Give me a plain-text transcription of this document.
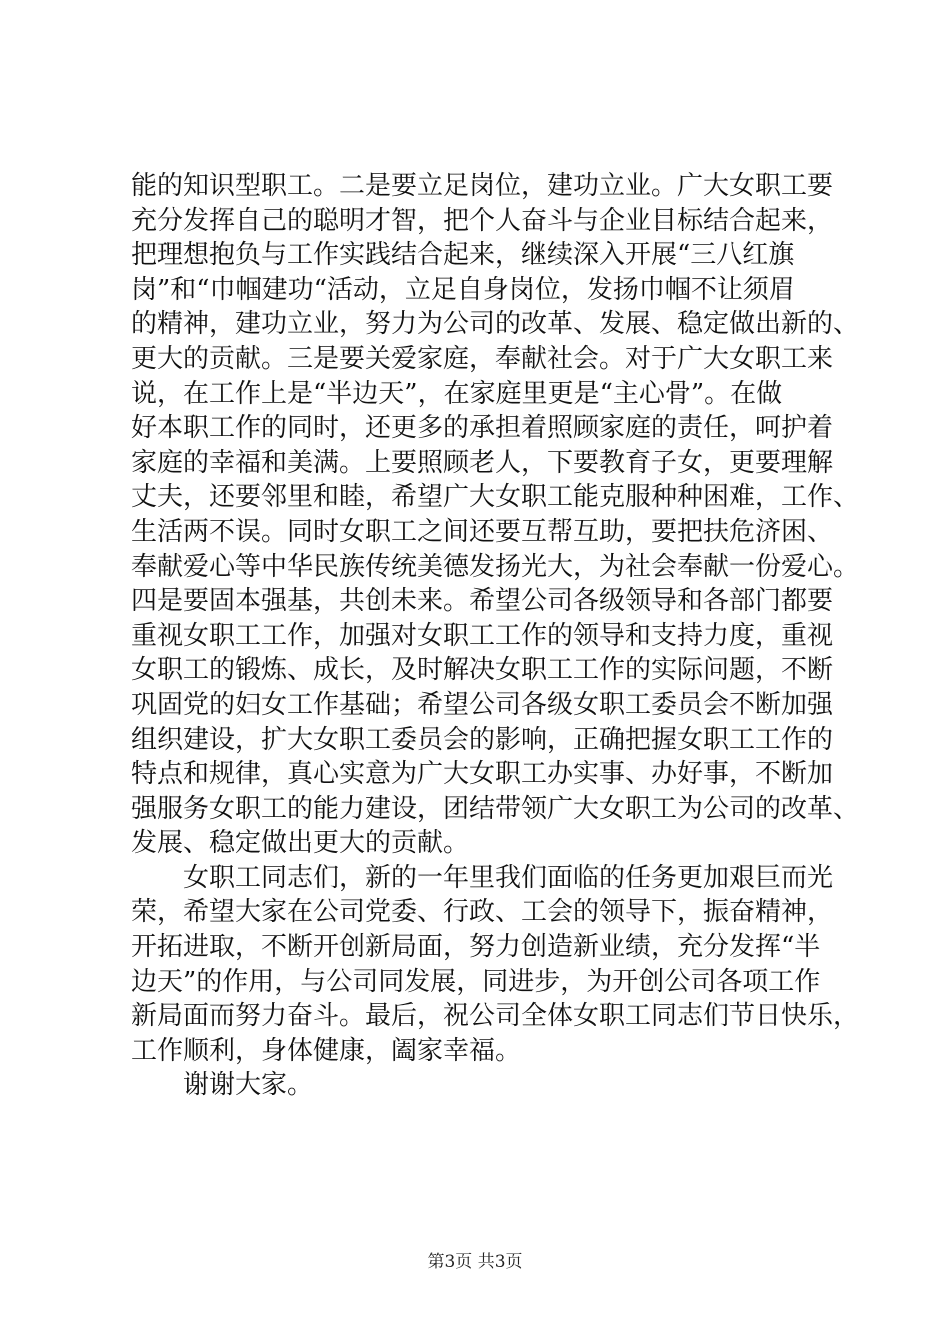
能的知识型职工。二是要立足岗位，建功立业。广大女职工要
充分发挥自己的聪明才智，把个人奋斗与企业目标结合起来，
把理想抱负与工作实践结合起来，继续深入开展“三八红旗
岗”和“巾帼建功“活动，立足自身岗位，发扬巾帼不让须眉
的精神，建功立业，努力为公司的改革、发展、稳定做出新的、
更大的贡献。三是要关爱家庭，奉献社会。对于广大女职工来
说，在工作上是“半边天”，在家庭里更是“主心骨”。在做
好本职工作的同时，还更多的承担着照顾家庭的责任，呵护着
家庭的幸福和美满。上要照顾老人，下要教育子女，更要理解
丈夫，还要邻里和睦，希望广大女职工能克服种种困难，工作、
生活两不误。同时女职工之间还要互帮互助，要把扶危济困、
奉献爱心等中华民族传统美德发扬光大，为社会奉献一份爱心。
四是要固本强基，共创未来。希望公司各级领导和各部门都要
重视女职工工作，加强对女职工工作的领导和支持力度，重视
女职工的锻炼、成长，及时解决女职工工作的实际问题，不断
巩固党的妇女工作基础；希望公司各级女职工委员会不断加强
组织建设，扩大女职工委员会的影响，正确把握女职工工作的
特点和规律，真心实意为广大女职工办实事、办好事，不断加
强服务女职工的能力建设，团结带领广大女职工为公司的改革、
发展、稳定做出更大的贡献。
女职工同志们，新的一年里我们面临的任务更加艰巨而光
荣，希望大家在公司党委、行政、工会的领导下，振奋精神，
开拓进取，不断开创新局面，努力创造新业绩，充分发挥“半
边天”的作用，与公司同发展，同进步，为开创公司各项工作
新局面而努力奋斗。最后，祝公司全体女职工同志们节日快乐，
工作顺利，身体健康，阖家幸福。
谢谢大家。
第3页 共3页
